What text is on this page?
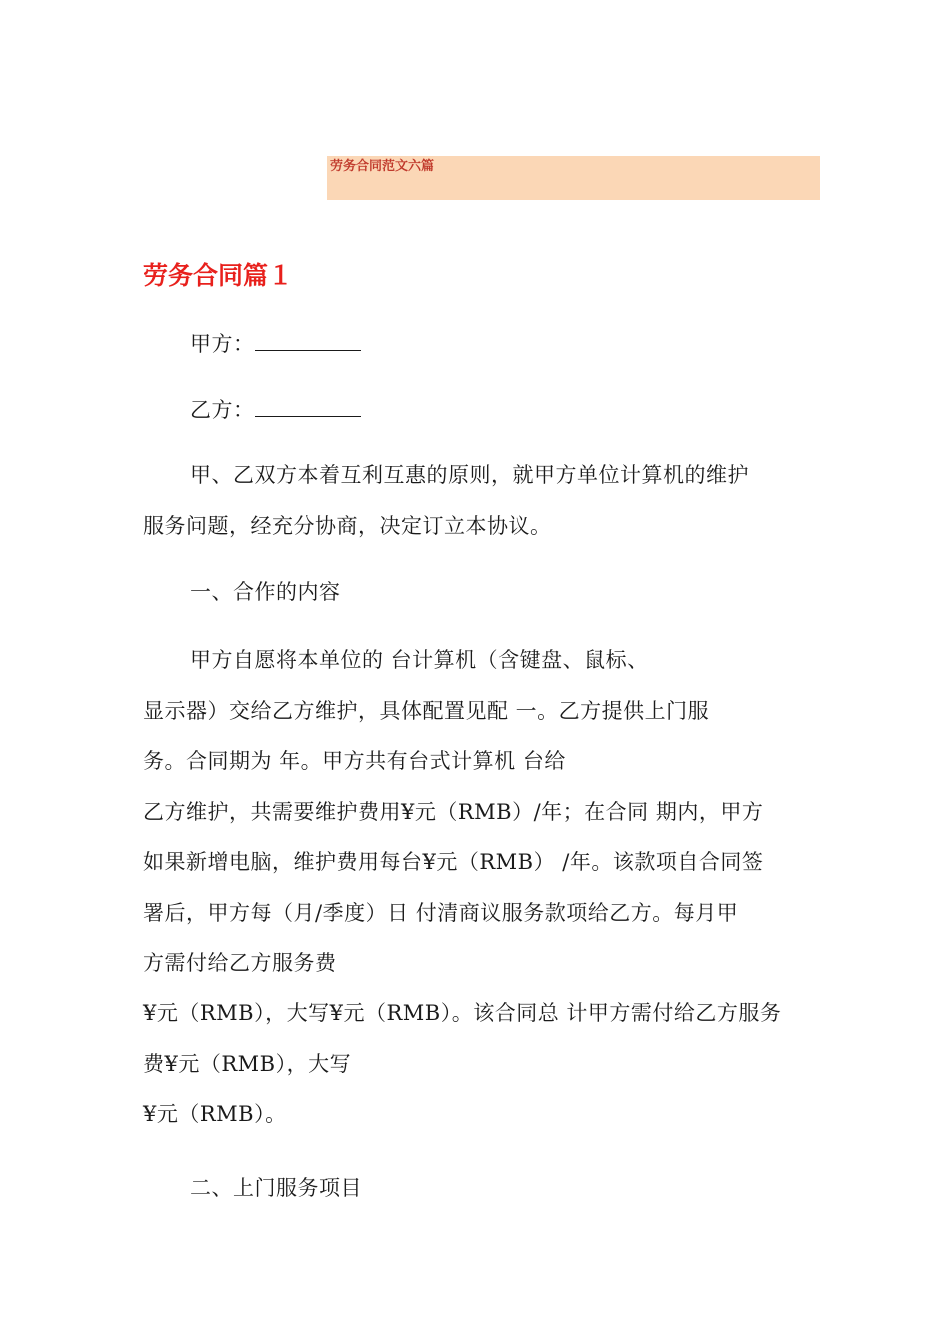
劳务合同范文六篇
劳务合同篇１
甲方：
乙方：
甲、乙双方本着互利互惠的原则，就甲方单位计算机的维护
服务问题，经充分协商，决定订立本协议。
一、合作的内容
甲方自愿将本单位的 台计算机（含键盘、鼠标、
显示器）交给乙方维护，具体配置见配 一。乙方提供上门服
务。合同期为 年。甲方共有台式计算机 台给
乙方维护，共需要维护费用¥元（RMB）/年；在合同 期内，甲方
如果新增电脑，维护费用每台¥元（RMB） /年。该款项自合同签
署后，甲方每（月/季度）日 付清商议服务款项给乙方。每月甲
方需付给乙方服务费
¥元（RMB），大写¥元（RMB）。该合同总 计甲方需付给乙方服务
费¥元（RMB），大写
¥元（RMB）。
二、上门服务项目
